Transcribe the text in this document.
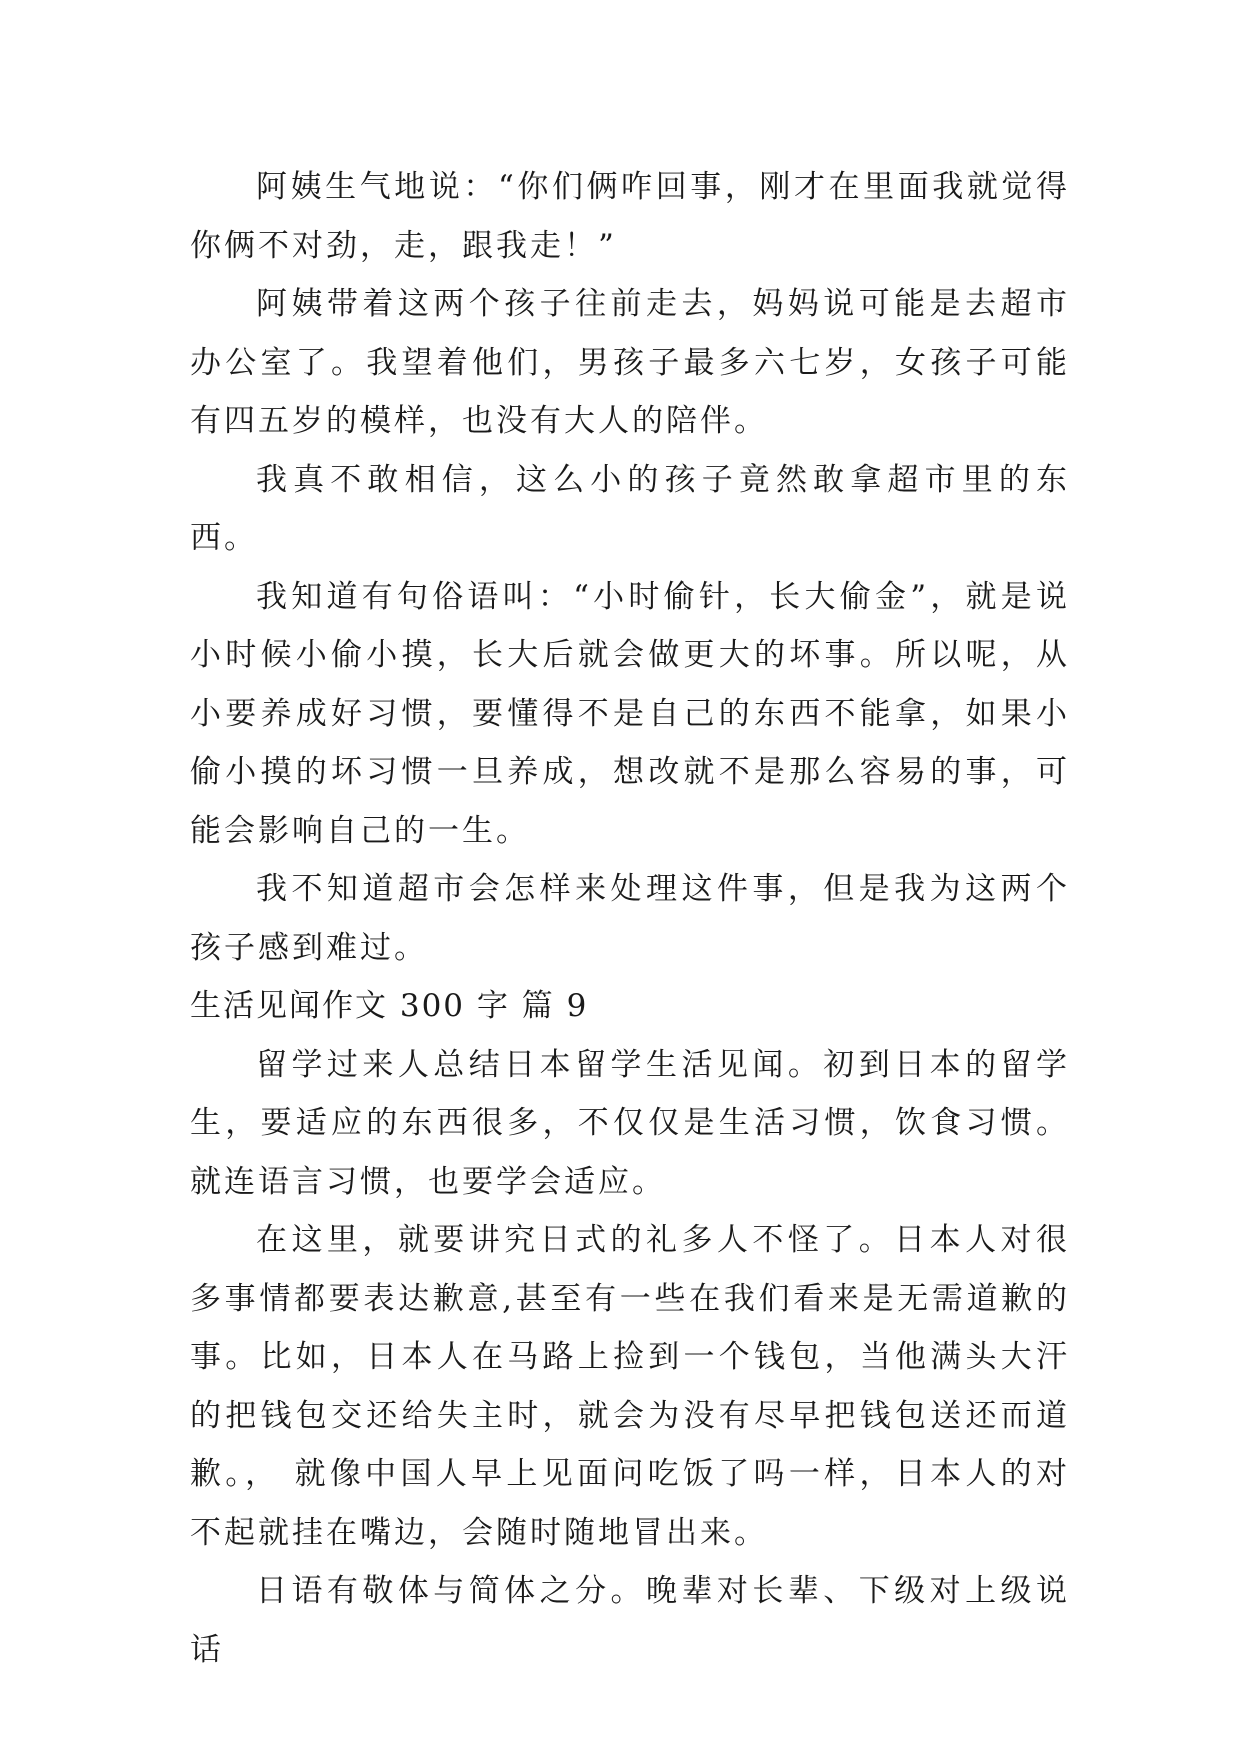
阿姨生气地说：“你们俩咋回事，刚才在里面我就觉得你俩不对劲，走，跟我走！”

阿姨带着这两个孩子往前走去，妈妈说可能是去超市办公室了。我望着他们，男孩子最多六七岁，女孩子可能有四五岁的模样，也没有大人的陪伴。

我真不敢相信，这么小的孩子竟然敢拿超市里的东西。

我知道有句俗语叫：“小时偷针，长大偷金”，就是说小时候小偷小摸，长大后就会做更大的坏事。所以呢，从小要养成好习惯，要懂得不是自己的东西不能拿，如果小偷小摸的坏习惯一旦养成，想改就不是那么容易的事，可能会影响自己的一生。

我不知道超市会怎样来处理这件事，但是我为这两个孩子感到难过。

生活见闻作文 300 字 篇 9

留学过来人总结日本留学生活见闻。初到日本的留学生，要适应的东西很多，不仅仅是生活习惯，饮食习惯。就连语言习惯，也要学会适应。

在这里，就要讲究日式的礼多人不怪了。日本人对很多事情都要表达歉意,甚至有一些在我们看来是无需道歉的事。比如，日本人在马路上捡到一个钱包，当他满头大汗的把钱包交还给失主时，就会为没有尽早把钱包送还而道歉。， 就像中国人早上见面问吃饭了吗一样，日本人的对不起就挂在嘴边，会随时随地冒出来。

日语有敬体与简体之分。晚辈对长辈、下级对上级说话
